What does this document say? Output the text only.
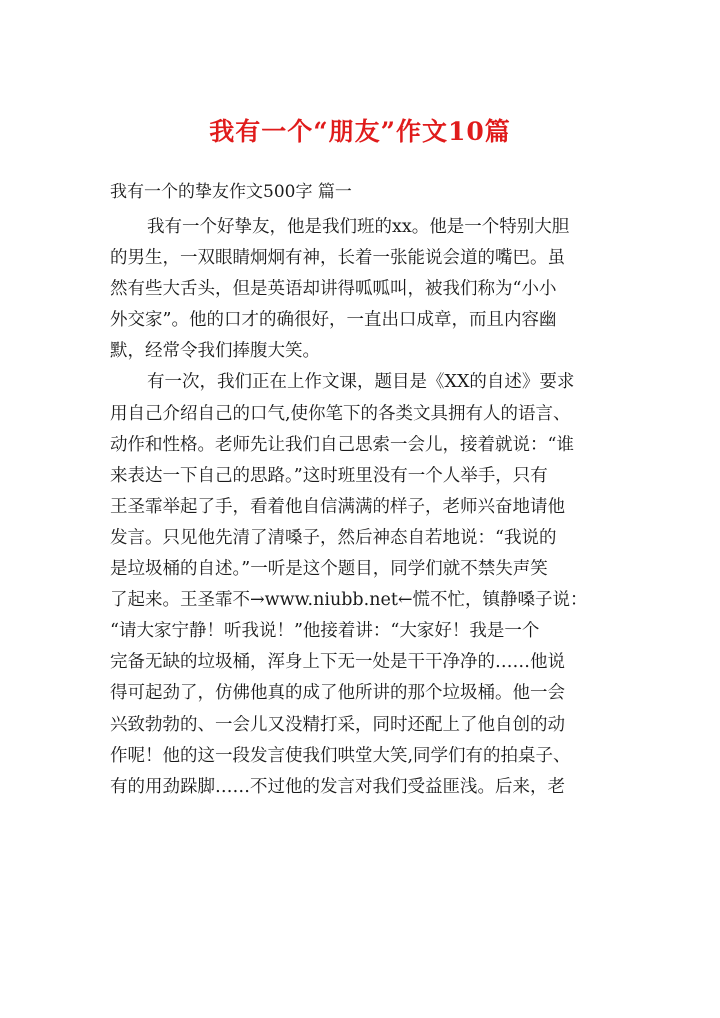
我有一个“朋友”作文10篇
我有一个的挚友作文500字 篇一
我有一个好挚友，他是我们班的xx。他是一个特别大胆
的男生，一双眼睛炯炯有神，长着一张能说会道的嘴巴。虽
然有些大舌头，但是英语却讲得呱呱叫，被我们称为“小小
外交家”。他的口才的确很好，一直出口成章，而且内容幽
默，经常令我们捧腹大笑。
有一次，我们正在上作文课，题目是《XX的自述》要求
用自己介绍自己的口气,使你笔下的各类文具拥有人的语言、
动作和性格。老师先让我们自己思索一会儿，接着就说：“谁
来表达一下自己的思路。”这时班里没有一个人举手，只有
王圣霏举起了手，看着他自信满满的样子，老师兴奋地请他
发言。只见他先清了清嗓子，然后神态自若地说：“我说的
是垃圾桶的自述。”一听是这个题目，同学们就不禁失声笑
了起来。王圣霏不→www.niubb.net←慌不忙，镇静嗓子说：
“请大家宁静！听我说！”他接着讲：“大家好！我是一个
完备无缺的垃圾桶，浑身上下无一处是干干净净的……他说
得可起劲了，仿佛他真的成了他所讲的那个垃圾桶。他一会
兴致勃勃的、一会儿又没精打采，同时还配上了他自创的动
作呢！他的这一段发言使我们哄堂大笑,同学们有的拍桌子、
有的用劲跺脚……不过他的发言对我们受益匪浅。后来，老
